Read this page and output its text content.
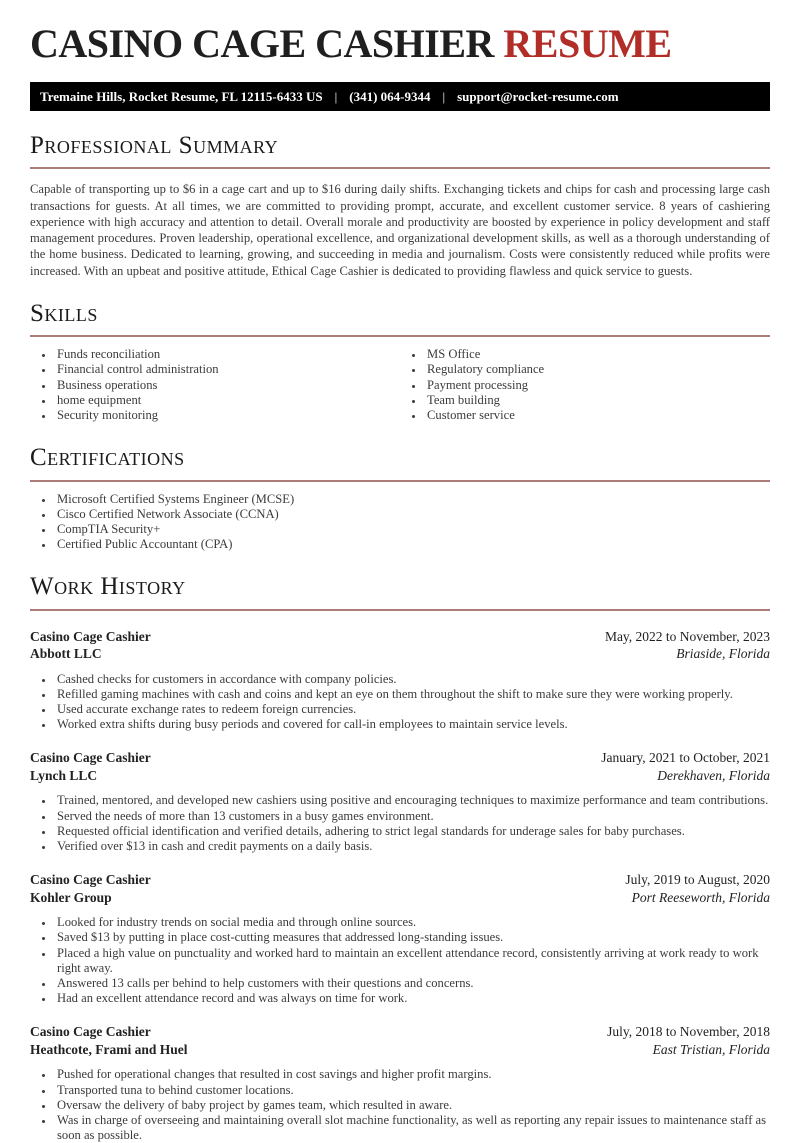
CASINO CAGE CASHIER RESUME
Tremaine Hills, Rocket Resume, FL 12115-6433 US | (341) 064-9344 | support@rocket-resume.com
Professional Summary

Capable of transporting up to $6 in a cage cart and up to $16 during daily shifts. Exchanging tickets and chips for cash and processing large cash transactions for guests. At all times, we are committed to providing prompt, accurate, and excellent customer service. 8 years of cashiering experience with high accuracy and attention to detail. Overall morale and productivity are boosted by experience in policy development and staff management procedures. Proven leadership, operational excellence, and organizational development skills, as well as a thorough understanding of the home business. Dedicated to learning, growing, and succeeding in media and journalism. Costs were consistently reduced while profits were increased. With an upbeat and positive attitude, Ethical Cage Cashier is dedicated to providing flawless and quick service to guests.

Skills
• Funds reconciliation
• Financial control administration
• Business operations
• home equipment
• Security monitoring
• MS Office
• Regulatory compliance
• Payment processing
• Team building
• Customer service
Certifications
• Microsoft Certified Systems Engineer (MCSE)
• Cisco Certified Network Associate (CCNA)
• CompTIA Security+
• Certified Public Accountant (CPA)
Work History
Casino Cage Cashier	May, 2022 to November, 2023
Abbott LLC	Briaside, Florida
• Cashed checks for customers in accordance with company policies.
• Refilled gaming machines with cash and coins and kept an eye on them throughout the shift to make sure they were working properly.
• Used accurate exchange rates to redeem foreign currencies.
• Worked extra shifts during busy periods and covered for call-in employees to maintain service levels.
Casino Cage Cashier	January, 2021 to October, 2021
Lynch LLC	Derekhaven, Florida
• Trained, mentored, and developed new cashiers using positive and encouraging techniques to maximize performance and team contributions.
• Served the needs of more than 13 customers in a busy games environment.
• Requested official identification and verified details, adhering to strict legal standards for underage sales for baby purchases.
• Verified over $13 in cash and credit payments on a daily basis.
Casino Cage Cashier	July, 2019 to August, 2020
Kohler Group	Port Reeseworth, Florida
• Looked for industry trends on social media and through online sources.
• Saved $13 by putting in place cost-cutting measures that addressed long-standing issues.
• Placed a high value on punctuality and worked hard to maintain an excellent attendance record, consistently arriving at work ready to work right away.
• Answered 13 calls per behind to help customers with their questions and concerns.
• Had an excellent attendance record and was always on time for work.
Casino Cage Cashier	July, 2018 to November, 2018
Heathcote, Frami and Huel	East Tristian, Florida
• Pushed for operational changes that resulted in cost savings and higher profit margins.
• Transported tuna to behind customer locations.
• Oversaw the delivery of baby project by games team, which resulted in aware.
• Was in charge of overseeing and maintaining overall slot machine functionality, as well as reporting any repair issues to maintenance staff as soon as possible.
